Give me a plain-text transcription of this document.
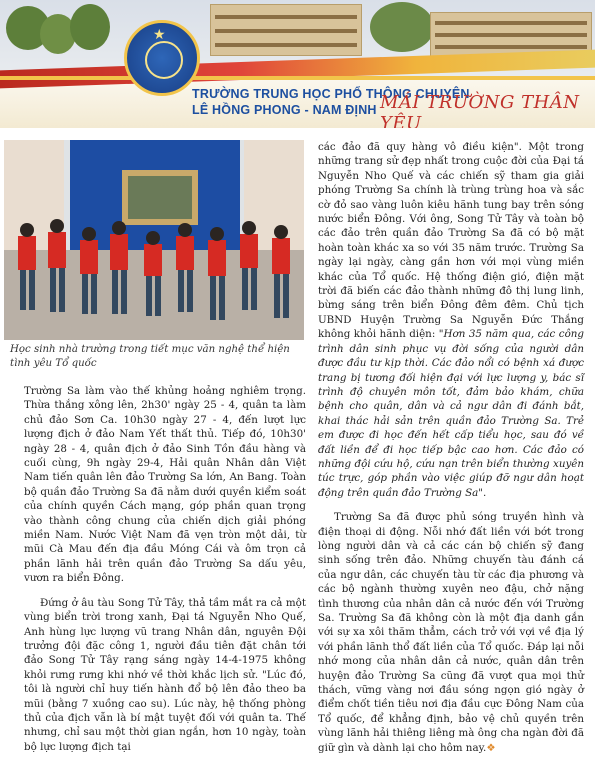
★
TRƯỜNG TRUNG HỌC PHỔ THÔNG CHUYÊN
LÊ HỒNG PHONG - NAM ĐỊNH MÁI TRƯỜNG THÂN YÊU
Học sinh nhà trường trong tiết mục văn nghệ thể hiện tình yêu Tổ quốc

Trường Sa làm vào thế khủng hoảng nghiêm trọng. Thừa thắng xông lên, 2h30' ngày 25 - 4, quân ta làm chủ đảo Sơn Ca. 10h30 ngày 27 - 4, đến lượt lực lượng địch ở đảo Nam Yết thất thủ. Tiếp đó, 10h30' ngày 28 - 4, quân địch ở đảo Sinh Tồn đầu hàng và cuối cùng, 9h ngày 29-4, Hải quân Nhân dân Việt Nam tiến quân lên đảo Trường Sa lớn, An Bang. Toàn bộ quần đảo Trường Sa đã nằm dưới quyền kiểm soát của chính quyền Cách mạng, góp phần quan trọng vào thành công chung của chiến dịch giải phóng miền Nam. Nước Việt Nam đã vẹn tròn một dải, từ mũi Cà Mau đến địa đầu Móng Cái và ôm trọn cả phần lãnh hải trên quần đảo Trường Sa dấu yêu, vươn ra biển Đông.

Đứng ở âu tàu Song Tử Tây, thả tầm mắt ra cả một vùng biển trời trong xanh, Đại tá Nguyễn Nho Quế, Anh hùng lực lượng vũ trang Nhân dân, nguyên Đội trưởng đội đặc công 1, người đầu tiên đặt chân tới đảo Song Tử Tây rạng sáng ngày 14-4-1975 không khỏi rưng rưng khi nhớ về thời khắc lịch sử. "Lúc đó, tôi là người chỉ huy tiến hành đổ bộ lên đảo theo ba mũi (bằng 7 xuồng cao su). Lúc này, hệ thống phòng thủ của địch vẫn là bí mật tuyệt đối với quân ta. Thế nhưng, chỉ sau một thời gian ngắn, hơn 10 ngày, toàn bộ lực lượng địch tại

các đảo đã quy hàng vô điều kiện". Một trong những trang sử đẹp nhất trong cuộc đời của Đại tá Nguyễn Nho Quế và các chiến sỹ tham gia giải phóng Trường Sa chính là trùng trùng hoa và sắc cờ đỏ sao vàng luôn kiêu hãnh tung bay trên sóng nước biển Đông. Với ông, Song Tử Tây và toàn bộ các đảo trên quần đảo Trường Sa đã có bộ mặt hoàn toàn khác xa so với 35 năm trước. Trường Sa ngày lại ngày, càng gần hơn với mọi vùng miền khác của Tổ quốc. Hệ thống điện gió, điện mặt trời đã biến các đảo thành những đô thị lung linh, bừng sáng trên biển Đông đêm đêm. Chủ tịch UBND Huyện Trường Sa Nguyễn Đức Thắng không khỏi hãnh diện: "Hơn 35 năm qua, các công trình dân sinh phục vụ đời sống của người dân được đầu tư kịp thời. Các đảo nổi có bệnh xá được trang bị tương đối hiện đại với lực lượng y, bác sĩ trình độ chuyên môn tốt, đảm bảo khám, chữa bệnh cho quân, dân và cả ngư dân đi đánh bắt, khai thác hải sản trên quần đảo Trường Sa. Trẻ em được đi học đến hết cấp tiểu học, sau đó về đất liền để đi học tiếp bậc cao hơn. Các đảo có những đội cứu hộ, cứu nạn trên biển thường xuyên túc trực, góp phần vào việc giúp đỡ ngư dân hoạt động trên quần đảo Trường Sa".

Trường Sa đã được phủ sóng truyền hình và điện thoại di động. Nỗi nhớ đất liền với bớt trong lòng người dân và cả các cán bộ chiến sỹ đang sinh sống trên đảo. Những chuyến tàu đánh cá của ngư dân, các chuyến tàu từ các địa phương và các bộ ngành thường xuyên neo đậu, chở nặng tình thương của nhân dân cả nước đến với Trường Sa. Trường Sa đã không còn là một địa danh gắn với sự xa xôi thăm thẳm, cách trở với vợi về địa lý với phần lãnh thổ đất liền của Tổ quốc. Đáp lại nỗi nhớ mong của nhân dân cả nước, quân dân trên huyện đảo Trường Sa cũng đã vượt qua mọi thử thách, vững vàng nơi đầu sóng ngọn gió ngày ở điểm chốt tiền tiêu nơi địa đầu cực Đông Nam của Tổ quốc, để khẳng định, bảo vệ chủ quyền trên vùng lãnh hải thiêng liêng mà ông cha ngàn đời đã giữ gìn và dành lại cho hôm nay.❖
